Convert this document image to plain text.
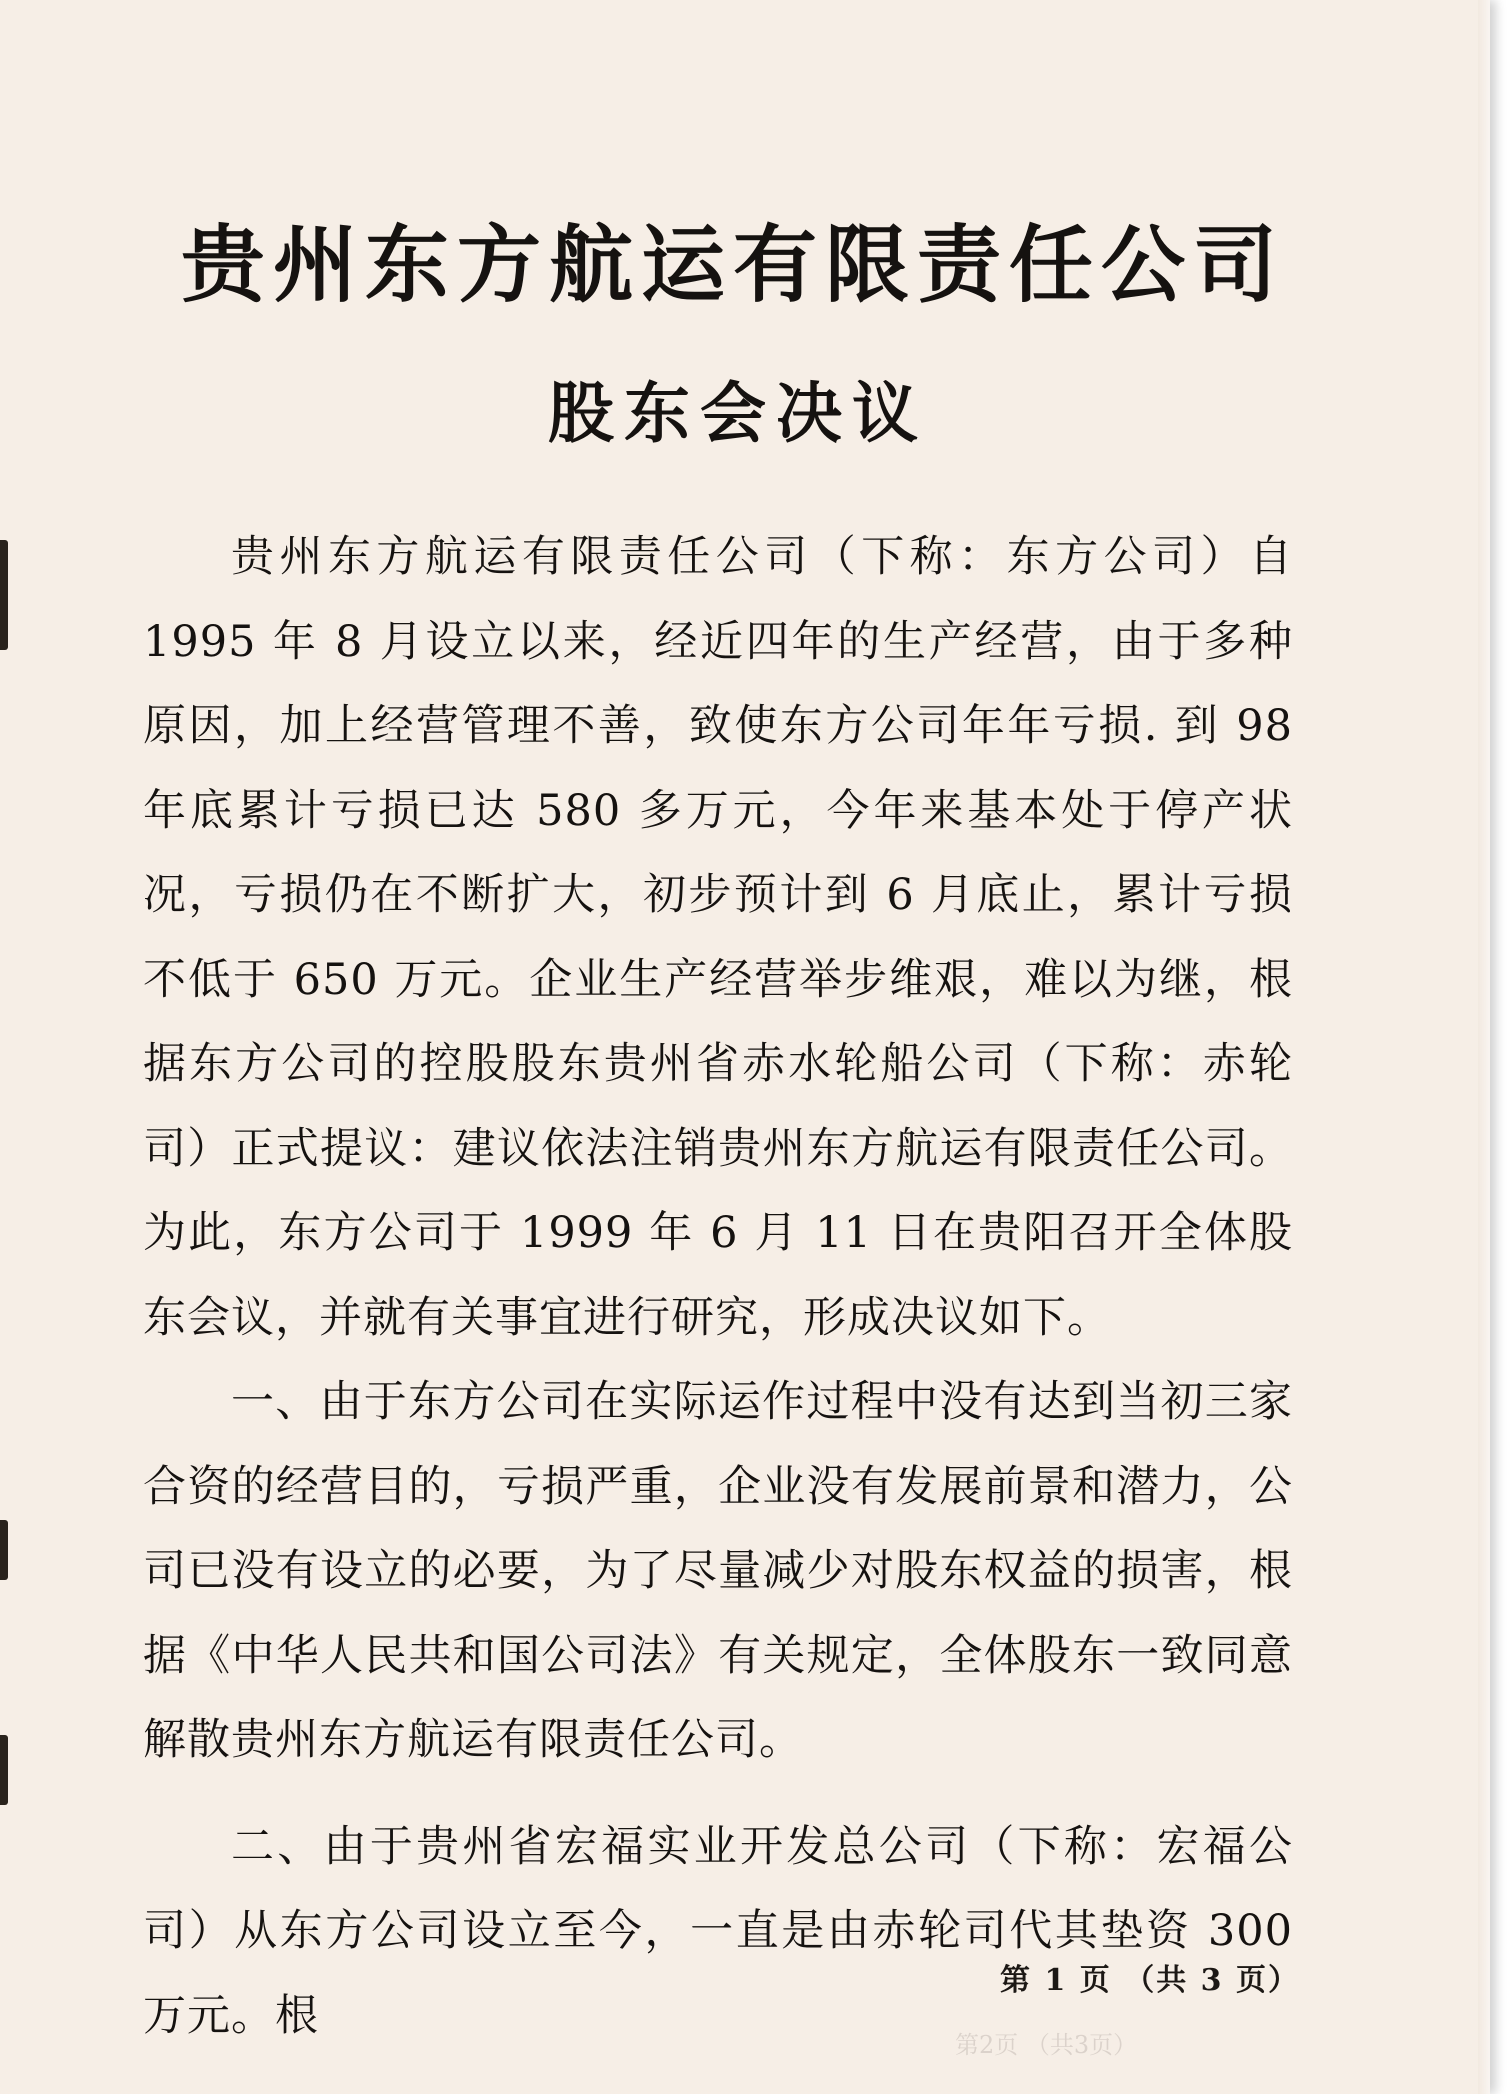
贵州东方航运有限责任公司
股东会决议

贵州东方航运有限责任公司（下称：东方公司）自 1995 年 8 月设立以来，经近四年的生产经营，由于多种原因，加上经营管理不善，致使东方公司年年亏损. 到 98 年底累计亏损已达 580 多万元，今年来基本处于停产状况，亏损仍在不断扩大，初步预计到 6 月底止，累计亏损不低于 650 万元。企业生产经营举步维艰，难以为继，根据东方公司的控股股东贵州省赤水轮船公司（下称：赤轮司）正式提议：建议依法注销贵州东方航运有限责任公司。为此，东方公司于 1999 年 6 月 11 日在贵阳召开全体股东会议，并就有关事宜进行研究，形成决议如下。

一、由于东方公司在实际运作过程中没有达到当初三家合资的经营目的，亏损严重，企业没有发展前景和潜力，公司已没有设立的必要，为了尽量减少对股东权益的损害，根据《中华人民共和国公司法》有关规定，全体股东一致同意解散贵州东方航运有限责任公司。

二、由于贵州省宏福实业开发总公司（下称：宏福公司）从东方公司设立至今，一直是由赤轮司代其垫资 300 万元。根

第 1 页 （共 3 页）
第2页 （共3页）
